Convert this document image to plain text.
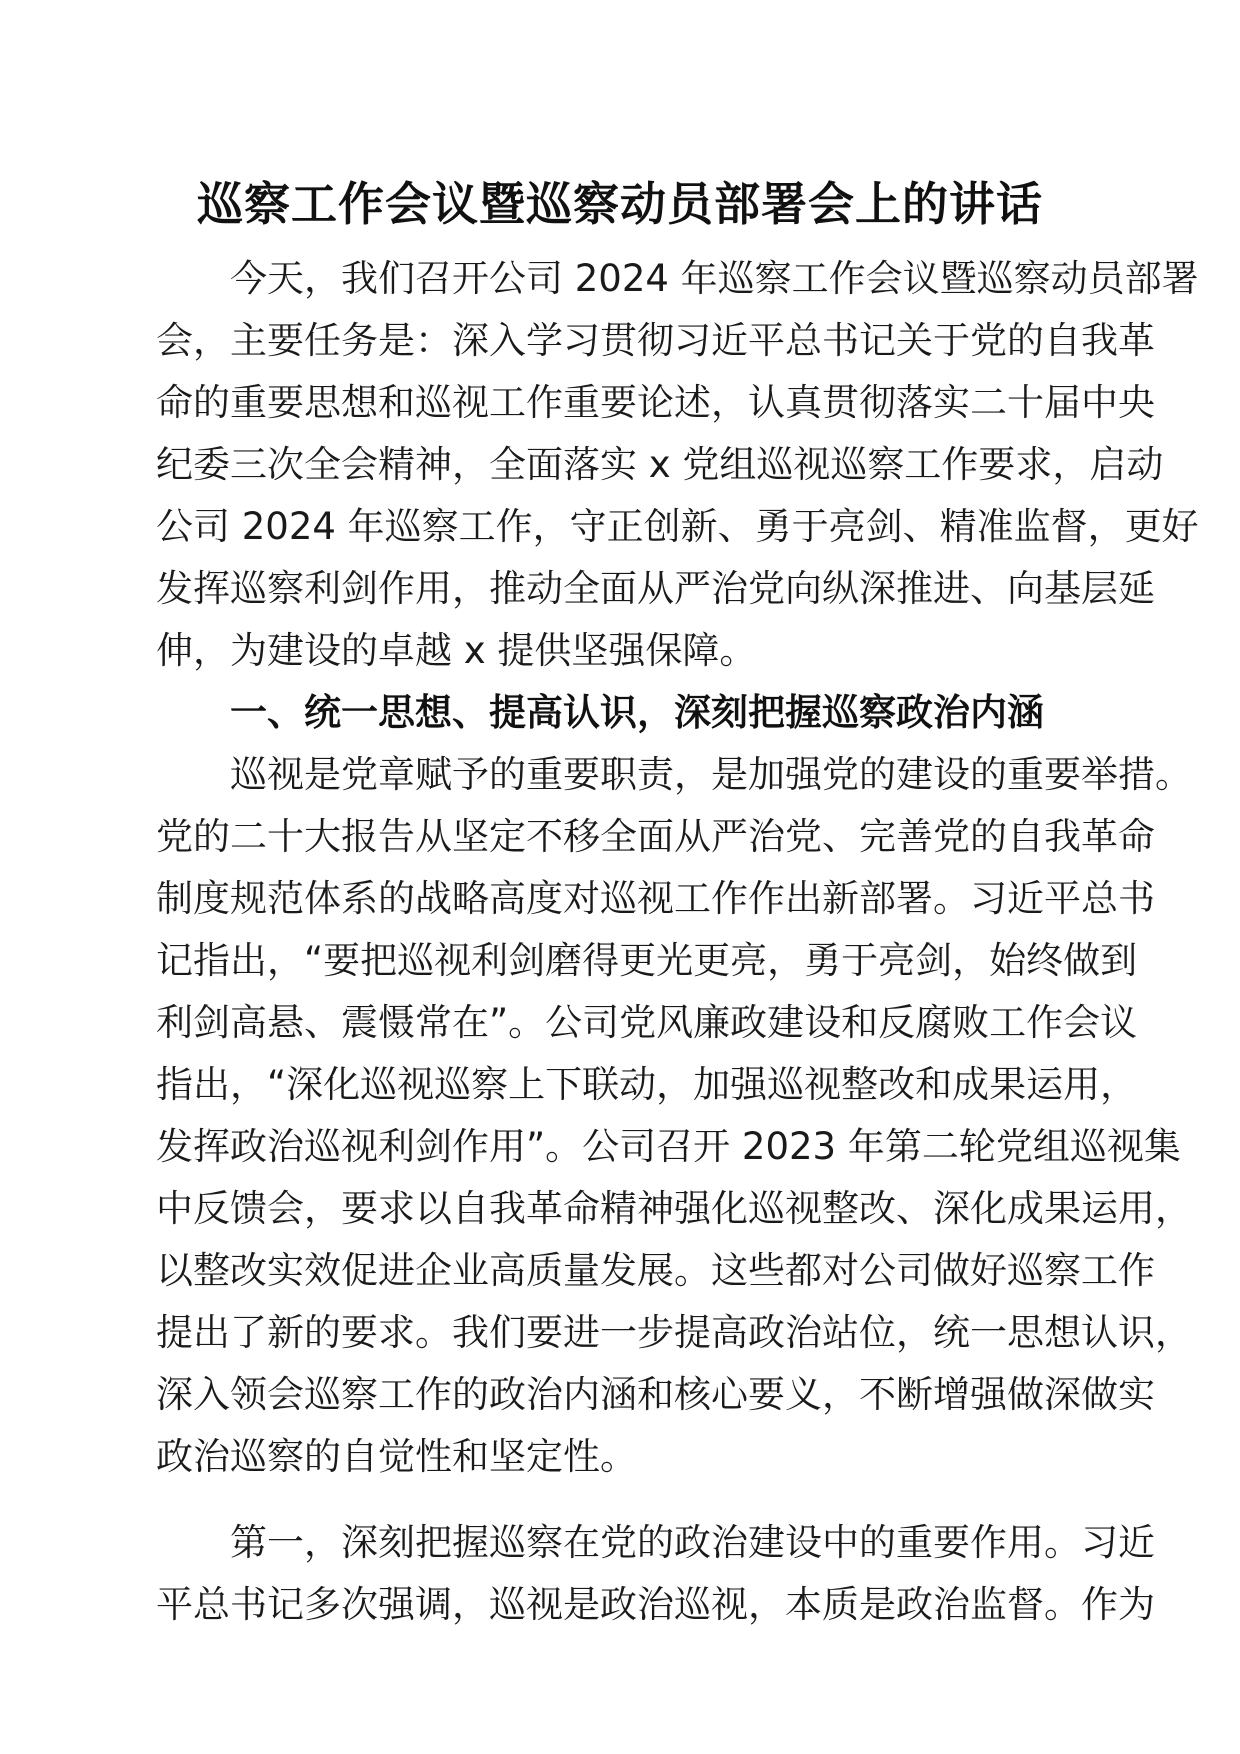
巡察工作会议暨巡察动员部署会上的讲话
今天，我们召开公司 2024 年巡察工作会议暨巡察动员部署
会，主要任务是：深入学习贯彻习近平总书记关于党的自我革
命的重要思想和巡视工作重要论述，认真贯彻落实二十届中央
纪委三次全会精神，全面落实 x 党组巡视巡察工作要求，启动
公司 2024 年巡察工作，守正创新、勇于亮剑、精准监督，更好
发挥巡察利剑作用，推动全面从严治党向纵深推进、向基层延
伸，为建设的卓越 x 提供坚强保障。
一、统一思想、提高认识，深刻把握巡察政治内涵
巡视是党章赋予的重要职责，是加强党的建设的重要举措。
党的二十大报告从坚定不移全面从严治党、完善党的自我革命
制度规范体系的战略高度对巡视工作作出新部署。习近平总书
记指出，“要把巡视利剑磨得更光更亮，勇于亮剑，始终做到
利剑高悬、震慑常在”。公司党风廉政建设和反腐败工作会议
指出，“深化巡视巡察上下联动，加强巡视整改和成果运用，
发挥政治巡视利剑作用”。公司召开 2023 年第二轮党组巡视集
中反馈会，要求以自我革命精神强化巡视整改、深化成果运用，
以整改实效促进企业高质量发展。这些都对公司做好巡察工作
提出了新的要求。我们要进一步提高政治站位，统一思想认识，
深入领会巡察工作的政治内涵和核心要义，不断增强做深做实
政治巡察的自觉性和坚定性。
第一，深刻把握巡察在党的政治建设中的重要作用。习近
平总书记多次强调，巡视是政治巡视，本质是政治监督。作为
